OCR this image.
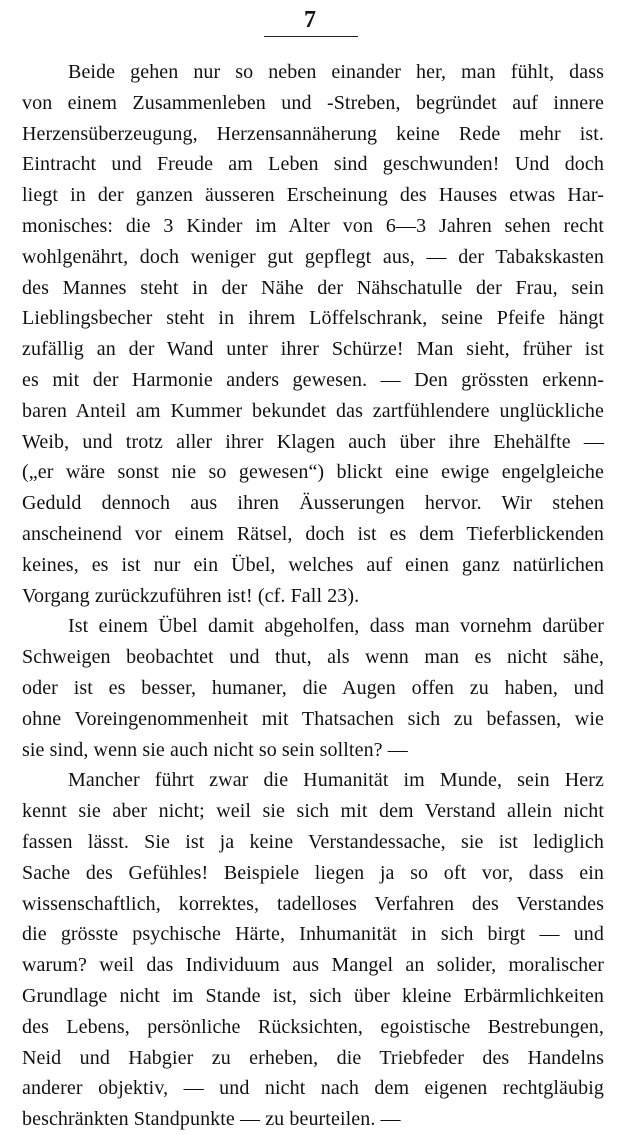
7
Beide gehen nur so neben einander her, man fühlt, dass
von einem Zusammenleben und -Streben, begründet auf innere
Herzensüberzeugung, Herzensannäherung keine Rede mehr ist.
Eintracht und Freude am Leben sind geschwunden! Und doch
liegt in der ganzen äusseren Erscheinung des Hauses etwas Har-
monisches: die 3 Kinder im Alter von 6—3 Jahren sehen recht
wohlgenährt, doch weniger gut gepflegt aus, — der Tabakskasten
des Mannes steht in der Nähe der Nähschatulle der Frau, sein
Lieblingsbecher steht in ihrem Löffelschrank, seine Pfeife hängt
zufällig an der Wand unter ihrer Schürze! Man sieht, früher ist
es mit der Harmonie anders gewesen. — Den grössten erkenn-
baren Anteil am Kummer bekundet das zartfühlendere unglückliche
Weib, und trotz aller ihrer Klagen auch über ihre Ehehälfte —
(„er wäre sonst nie so gewesen“) blickt eine ewige engelgleiche
Geduld dennoch aus ihren Äusserungen hervor. Wir stehen
anscheinend vor einem Rätsel, doch ist es dem Tieferblickenden
keines, es ist nur ein Übel, welches auf einen ganz natürlichen
Vorgang zurückzuführen ist! (cf. Fall 23).
Ist einem Übel damit abgeholfen, dass man vornehm darüber
Schweigen beobachtet und thut, als wenn man es nicht sähe,
oder ist es besser, humaner, die Augen offen zu haben, und
ohne Voreingenommenheit mit Thatsachen sich zu befassen, wie
sie sind, wenn sie auch nicht so sein sollten? —
Mancher führt zwar die Humanität im Munde, sein Herz
kennt sie aber nicht; weil sie sich mit dem Verstand allein nicht
fassen lässt. Sie ist ja keine Verstandessache, sie ist lediglich
Sache des Gefühles! Beispiele liegen ja so oft vor, dass ein
wissenschaftlich, korrektes, tadelloses Verfahren des Verstandes
die grösste psychische Härte, Inhumanität in sich birgt — und
warum? weil das Individuum aus Mangel an solider, moralischer
Grundlage nicht im Stande ist, sich über kleine Erbärmlichkeiten
des Lebens, persönliche Rücksichten, egoistische Bestrebungen,
Neid und Habgier zu erheben, die Triebfeder des Handelns
anderer objektiv, — und nicht nach dem eigenen rechtgläubig
beschränkten Standpunkte — zu beurteilen. —
